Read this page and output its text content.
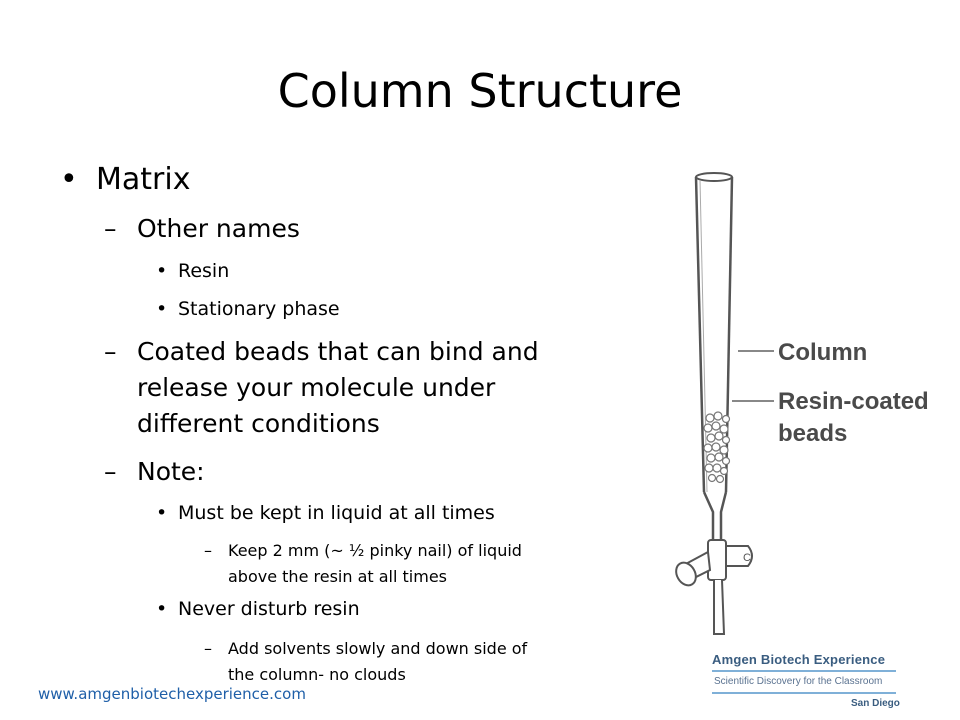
Column Structure
• Matrix
– Other names
• Resin
• Stationary phase
– Coated beads that can bind and
release your molecule under
different conditions
– Note:
• Must be kept in liquid at all times
– Keep 2 mm (~ ½ pinky nail) of liquid
above the resin at all times
• Never disturb resin
– Add solvents slowly and down side of
the column- no clouds
C
Column
Resin-coated
beads
www.amgenbiotechexperience.com
Amgen Biotech Experience
Scientific Discovery for the Classroom
San Diego
